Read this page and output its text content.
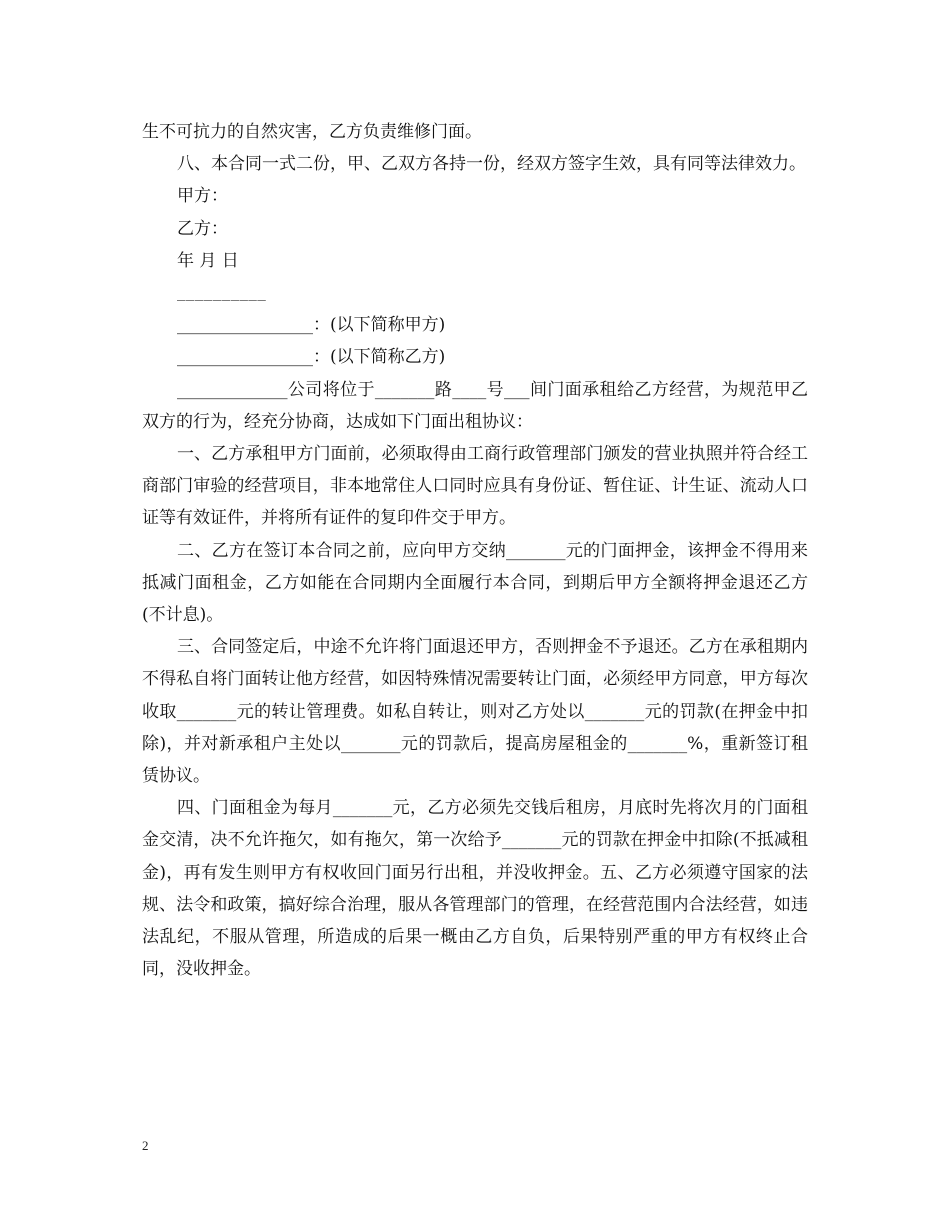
生不可抗力的自然灾害，乙方负责维修门面。

八、本合同一式二份，甲、乙双方各持一份，经双方签字生效，具有同等法律效力。

甲方：

乙方：

年 月 日

__________

________________：(以下简称甲方)

________________：(以下简称乙方)

_____________公司将位于_______路____号___间门面承租给乙方经营，为规范甲乙双方的行为，经充分协商，达成如下门面出租协议：

一、乙方承租甲方门面前，必须取得由工商行政管理部门颁发的营业执照并符合经工商部门审验的经营项目，非本地常住人口同时应具有身份证、暂住证、计生证、流动人口证等有效证件，并将所有证件的复印件交于甲方。

二、乙方在签订本合同之前，应向甲方交纳_______元的门面押金，该押金不得用来抵减门面租金，乙方如能在合同期内全面履行本合同，到期后甲方全额将押金退还乙方(不计息)。

三、合同签定后，中途不允许将门面退还甲方，否则押金不予退还。乙方在承租期内不得私自将门面转让他方经营，如因特殊情况需要转让门面，必须经甲方同意，甲方每次收取_______元的转让管理费。如私自转让，则对乙方处以_______元的罚款(在押金中扣除)，并对新承租户主处以_______元的罚款后，提高房屋租金的_______%，重新签订租赁协议。

四、门面租金为每月_______元，乙方必须先交钱后租房，月底时先将次月的门面租金交清，决不允许拖欠，如有拖欠，第一次给予_______元的罚款在押金中扣除(不抵减租金)，再有发生则甲方有权收回门面另行出租，并没收押金。五、乙方必须遵守国家的法规、法令和政策，搞好综合治理，服从各管理部门的管理，在经营范围内合法经营，如违法乱纪，不服从管理，所造成的后果一概由乙方自负，后果特别严重的甲方有权终止合同，没收押金。

2
